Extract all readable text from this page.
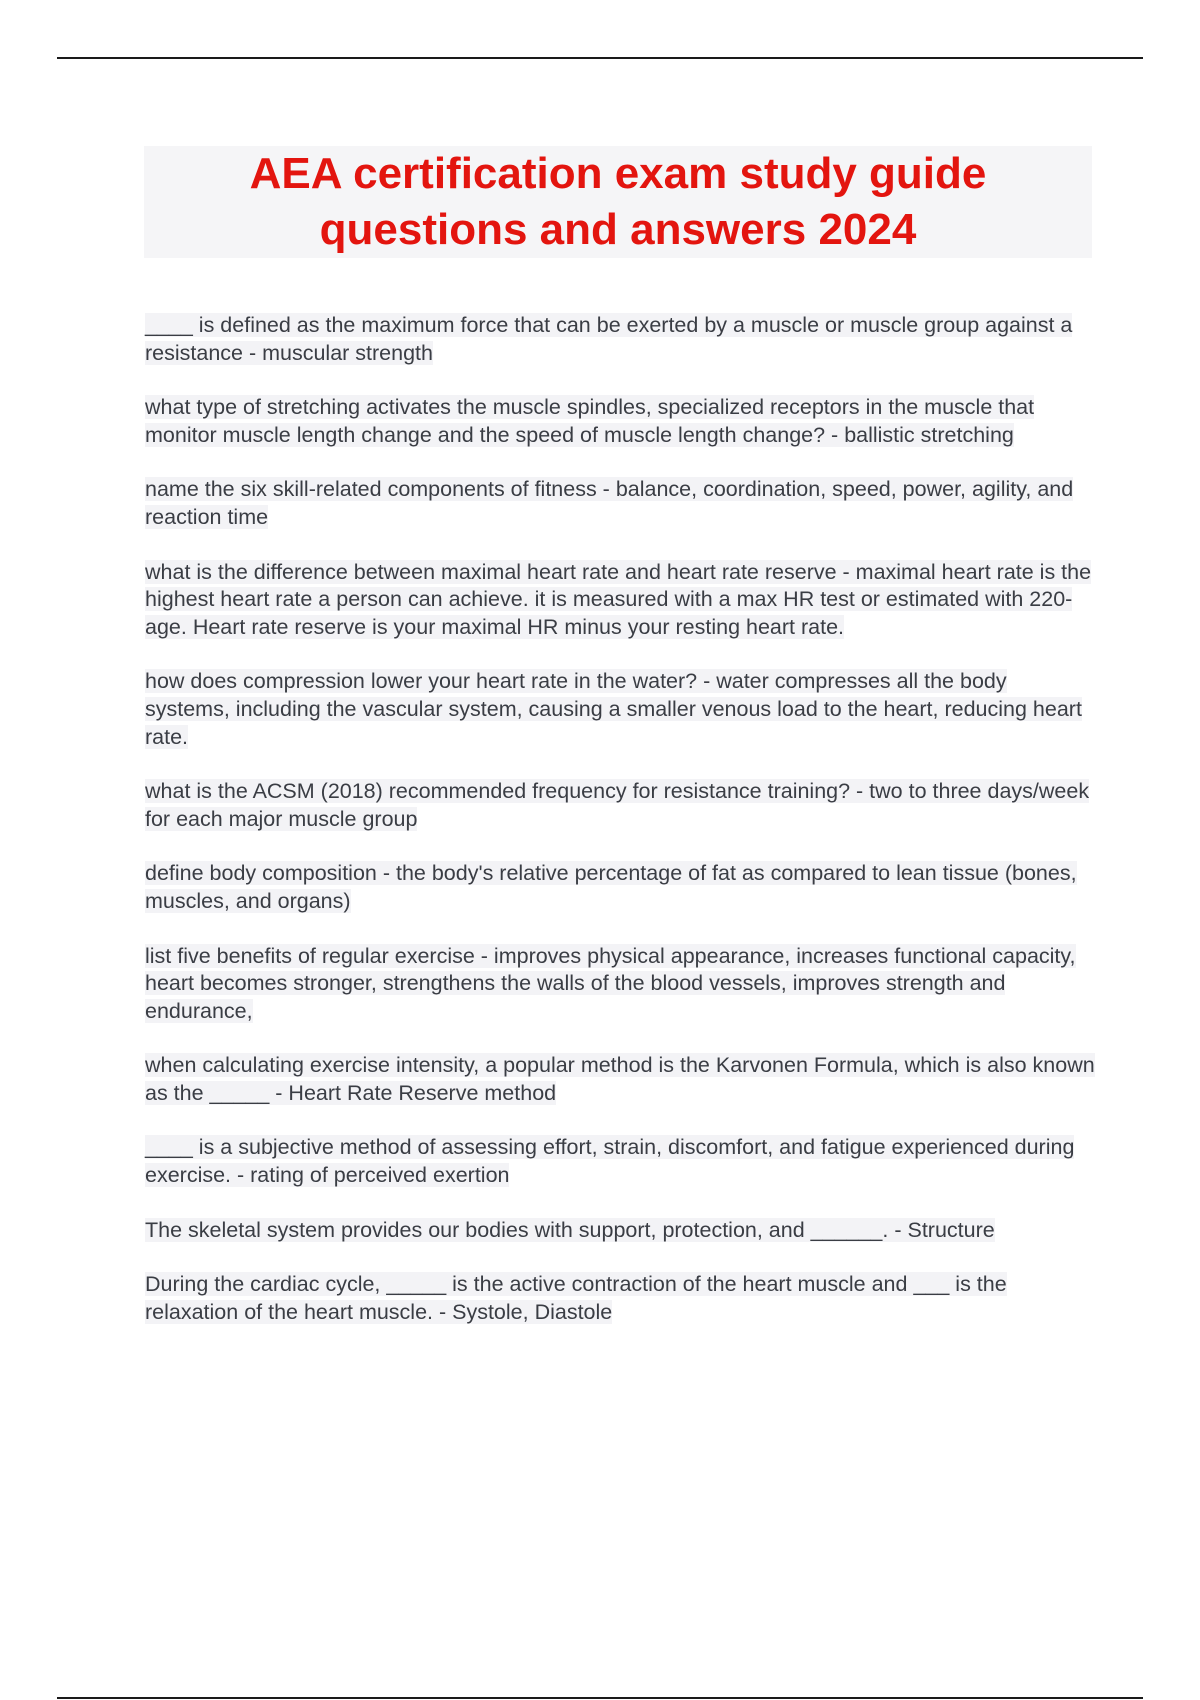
AEA certification exam study guide
questions and answers 2024

____ is defined as the maximum force that can be exerted by a muscle or muscle group against a resistance - muscular strength

what type of stretching activates the muscle spindles, specialized receptors in the muscle that monitor muscle length change and the speed of muscle length change? - ballistic stretching

name the six skill-related components of fitness - balance, coordination, speed, power, agility, and reaction time

what is the difference between maximal heart rate and heart rate reserve - maximal heart rate is the highest heart rate a person can achieve. it is measured with a max HR test or estimated with 220- age. Heart rate reserve is your maximal HR minus your resting heart rate.

how does compression lower your heart rate in the water? - water compresses all the body systems, including the vascular system, causing a smaller venous load to the heart, reducing heart rate.

what is the ACSM (2018) recommended frequency for resistance training? - two to three days/week for each major muscle group

define body composition - the body's relative percentage of fat as compared to lean tissue (bones, muscles, and organs)

list five benefits of regular exercise - improves physical appearance, increases functional capacity, heart becomes stronger, strengthens the walls of the blood vessels, improves strength and endurance,

when calculating exercise intensity, a popular method is the Karvonen Formula, which is also known as the _____ - Heart Rate Reserve method

____ is a subjective method of assessing effort, strain, discomfort, and fatigue experienced during exercise. - rating of perceived exertion

The skeletal system provides our bodies with support, protection, and ______. - Structure

During the cardiac cycle, _____ is the active contraction of the heart muscle and ___ is the relaxation of the heart muscle. - Systole, Diastole
